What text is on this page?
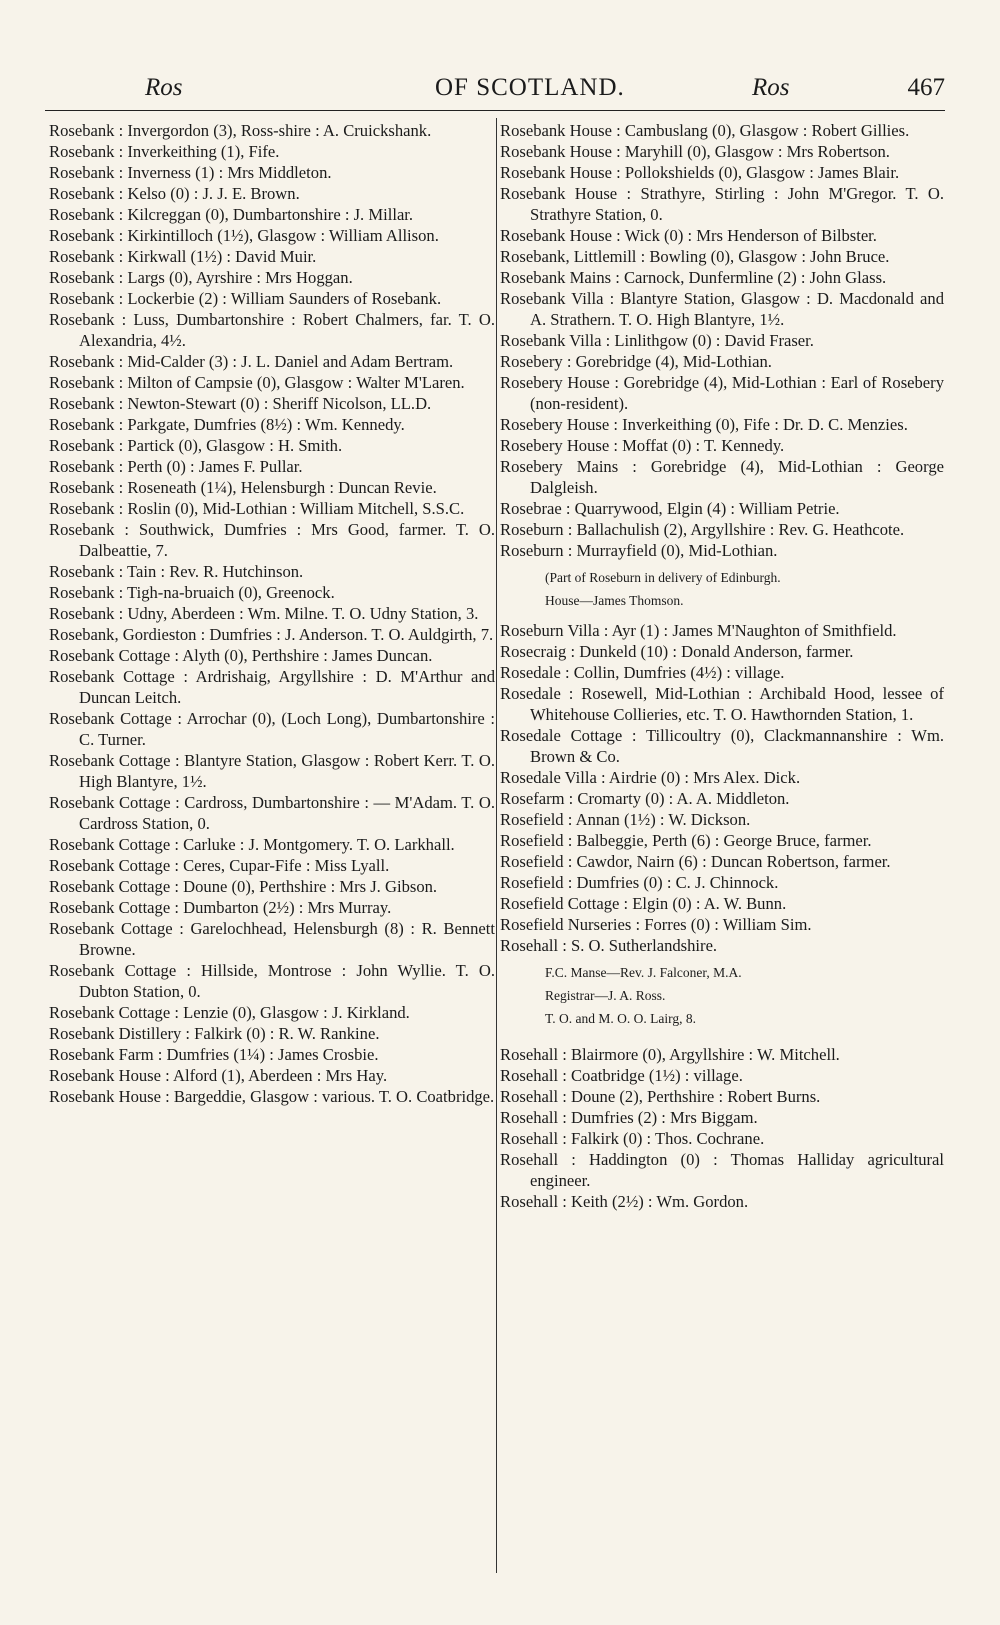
Ros	OF SCOTLAND.	Ros	467
Rosebank : Invergordon (3), Ross-shire : A. Cruickshank.
Rosebank : Inverkeithing (1), Fife.
Rosebank : Inverness (1) : Mrs Middleton.
Rosebank : Kelso (0) : J. J. E. Brown.
Rosebank : Kilcreggan (0), Dumbartonshire : J. Millar.
Rosebank : Kirkintilloch (1½), Glasgow : William Allison.
Rosebank : Kirkwall (1½) : David Muir.
Rosebank : Largs (0), Ayrshire : Mrs Hoggan.
Rosebank : Lockerbie (2) : William Saunders of Rosebank.
Rosebank : Luss, Dumbartonshire : Robert Chalmers, far. T. O. Alexandria, 4½.
Rosebank : Mid-Calder (3) : J. L. Daniel and Adam Bertram.
Rosebank : Milton of Campsie (0), Glasgow : Walter M'Laren.
Rosebank : Newton-Stewart (0) : Sheriff Nicolson, LL.D.
Rosebank : Parkgate, Dumfries (8½) : Wm. Kennedy.
Rosebank : Partick (0), Glasgow : H. Smith.
Rosebank : Perth (0) : James F. Pullar.
Rosebank : Roseneath (1¼), Helensburgh : Duncan Revie.
Rosebank : Roslin (0), Mid-Lothian : William Mitchell, S.S.C.
Rosebank : Southwick, Dumfries : Mrs Good, farmer. T. O. Dalbeattie, 7.
Rosebank : Tain : Rev. R. Hutchinson.
Rosebank : Tigh-na-bruaich (0), Greenock.
Rosebank : Udny, Aberdeen : Wm. Milne. T. O. Udny Station, 3.
Rosebank, Gordieston : Dumfries : J. Anderson. T. O. Auldgirth, 7.
Rosebank Cottage : Alyth (0), Perthshire : James Duncan.
Rosebank Cottage : Ardrishaig, Argyllshire : D. M'Arthur and Duncan Leitch.
Rosebank Cottage : Arrochar (0), (Loch Long), Dumbartonshire : C. Turner.
Rosebank Cottage : Blantyre Station, Glasgow : Robert Kerr. T. O. High Blantyre, 1½.
Rosebank Cottage : Cardross, Dumbartonshire : — M'Adam. T. O. Cardross Station, 0.
Rosebank Cottage : Carluke : J. Montgomery. T. O. Larkhall.
Rosebank Cottage : Ceres, Cupar-Fife : Miss Lyall.
Rosebank Cottage : Doune (0), Perthshire : Mrs J. Gibson.
Rosebank Cottage : Dumbarton (2½) : Mrs Murray.
Rosebank Cottage : Garelochhead, Helensburgh (8) : R. Bennett Browne.
Rosebank Cottage : Hillside, Montrose : John Wyllie. T. O. Dubton Station, 0.
Rosebank Cottage : Lenzie (0), Glasgow : J. Kirkland.
Rosebank Distillery : Falkirk (0) : R. W. Rankine.
Rosebank Farm : Dumfries (1¼) : James Crosbie.
Rosebank House : Alford (1), Aberdeen : Mrs Hay.
Rosebank House : Bargeddie, Glasgow : various. T. O. Coatbridge.
Rosebank House : Cambuslang (0), Glasgow : Robert Gillies.
Rosebank House : Maryhill (0), Glasgow : Mrs Robertson.
Rosebank House : Pollokshields (0), Glasgow : James Blair.
Rosebank House : Strathyre, Stirling : John M'Gregor. T. O. Strathyre Station, 0.
Rosebank House : Wick (0) : Mrs Henderson of Bilbster.
Rosebank, Littlemill : Bowling (0), Glasgow : John Bruce.
Rosebank Mains : Carnock, Dunfermline (2) : John Glass.
Rosebank Villa : Blantyre Station, Glasgow : D. Macdonald and A. Strathern. T. O. High Blantyre, 1½.
Rosebank Villa : Linlithgow (0) : David Fraser.
Rosebery : Gorebridge (4), Mid-Lothian.
Rosebery House : Gorebridge (4), Mid-Lothian : Earl of Rosebery (non-resident).
Rosebery House : Inverkeithing (0), Fife : Dr. D. C. Menzies.
Rosebery House : Moffat (0) : T. Kennedy.
Rosebery Mains : Gorebridge (4), Mid-Lothian : George Dalgleish.
Rosebrae : Quarrywood, Elgin (4) : William Petrie.
Roseburn : Ballachulish (2), Argyllshire : Rev. G. Heathcote.
Roseburn : Murrayfield (0), Mid-Lothian.
(Part of Roseburn in delivery of Edinburgh.
House—James Thomson.
Roseburn Villa : Ayr (1) : James M'Naughton of Smithfield.
Rosecraig : Dunkeld (10) : Donald Anderson, farmer.
Rosedale : Collin, Dumfries (4½) : village.
Rosedale : Rosewell, Mid-Lothian : Archibald Hood, lessee of Whitehouse Collieries, etc. T. O. Hawthornden Station, 1.
Rosedale Cottage : Tillicoultry (0), Clackmannanshire : Wm. Brown & Co.
Rosedale Villa : Airdrie (0) : Mrs Alex. Dick.
Rosefarm : Cromarty (0) : A. A. Middleton.
Rosefield : Annan (1½) : W. Dickson.
Rosefield : Balbeggie, Perth (6) : George Bruce, farmer.
Rosefield : Cawdor, Nairn (6) : Duncan Robertson, farmer.
Rosefield : Dumfries (0) : C. J. Chinnock.
Rosefield Cottage : Elgin (0) : A. W. Bunn.
Rosefield Nurseries : Forres (0) : William Sim.
Rosehall : S. O. Sutherlandshire.
F.C. Manse—Rev. J. Falconer, M.A.
Registrar—J. A. Ross.
T. O. and M. O. O. Lairg, 8.
Rosehall : Blairmore (0), Argyllshire : W. Mitchell.
Rosehall : Coatbridge (1½) : village.
Rosehall : Doune (2), Perthshire : Robert Burns.
Rosehall : Dumfries (2) : Mrs Biggam.
Rosehall : Falkirk (0) : Thos. Cochrane.
Rosehall : Haddington (0) : Thomas Halliday agricultural engineer.
Rosehall : Keith (2½) : Wm. Gordon.
